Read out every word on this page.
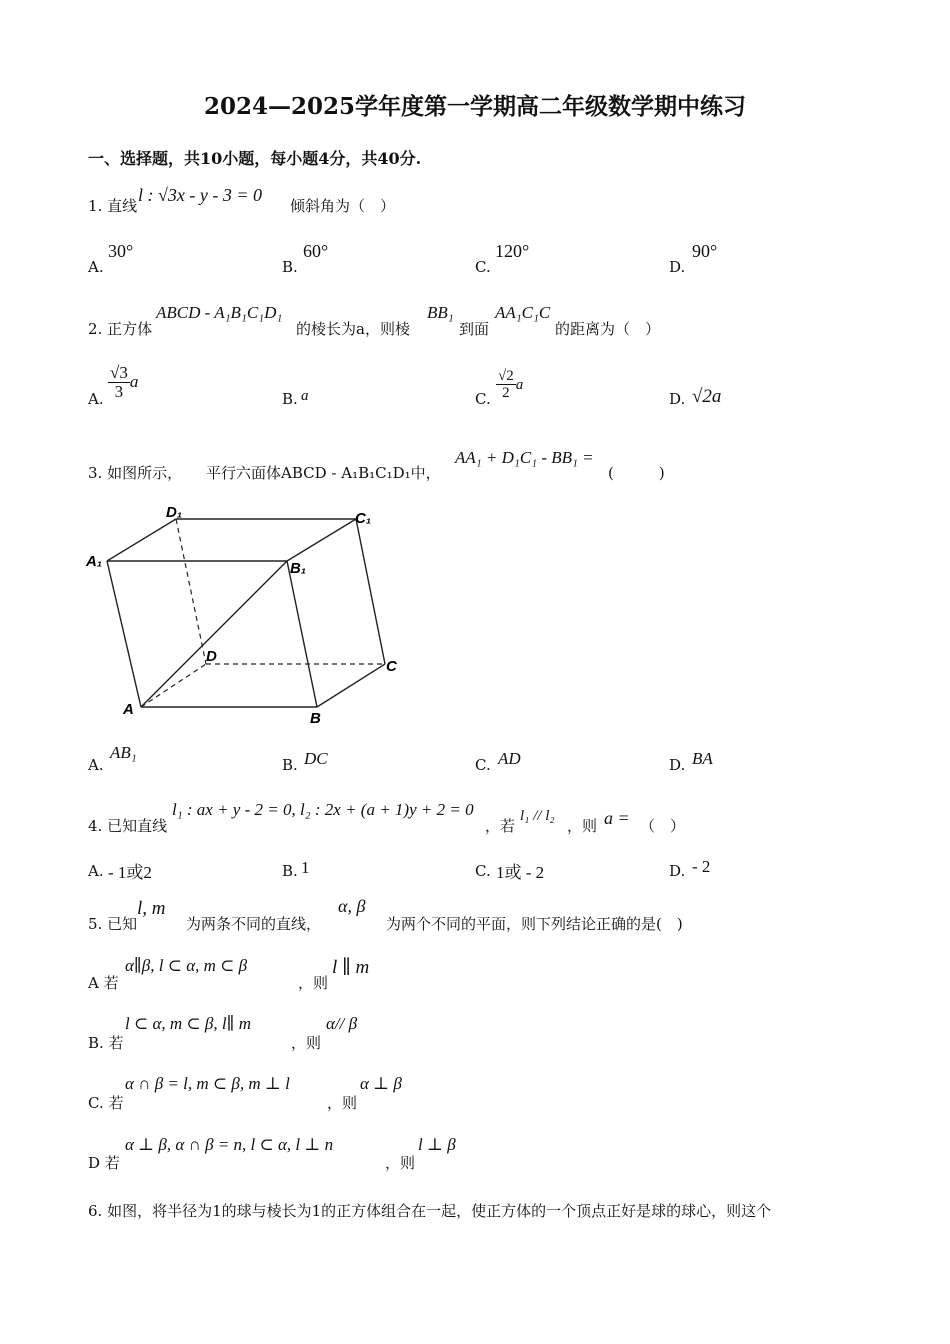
2024—2025学年度第一学期高二年级数学期中练习
一、选择题，共10小题，每小题4分，共40分.
1. 直线
l : √3x - y - 3 = 0
倾斜角为（　）
A.
30°
B.
60°
C.
120°
D.
90°
2. 正方体
ABCD - A₁B₁C₁D₁
的棱长为a，则棱
BB₁
到面
AA₁C₁C
的距离为（　）
A. $\frac{√3}{3}$ a
B. a	C. $\frac{√2}{2}$ a
D. √2a
3. 如图所示， 平行六面体ABCD - A₁B₁C₁D₁中，
AA₁ + D₁C₁ - BB₁ =
(　　　)
D₁	C₁
A₁	B₁
D
C
A
B
A.
AB₁
B. DC	C. AD	D. BA
4. 已知直线
l₁ : ax + y - 2 = 0, l₂ : 2x + (a + 1)y + 2 = 0
，若
l₁ // l₂
，则 a = （　）
A. - 1或2	B. 1	C. 1或 - 2	D. - 2
5. 已知
l, m
为两条不同的直线，
α, β
为两个不同的平面，则下列结论正确的是(　)
A 若
α∥β, l ⊂ α, m ⊂ β
，则
l ∥ m
B. 若
l ⊂ α, m ⊂ β, l∥ m
，则
α// β
C. 若
α ∩ β = l, m ⊂ β, m ⊥ l
，则
α ⊥ β
D 若
α ⊥ β, α ∩ β = n, l ⊂ α, l ⊥ n
，则
l ⊥ β
6. 如图，将半径为1的球与棱长为1的正方体组合在一起，使正方体的一个顶点正好是球的球心，则这个
